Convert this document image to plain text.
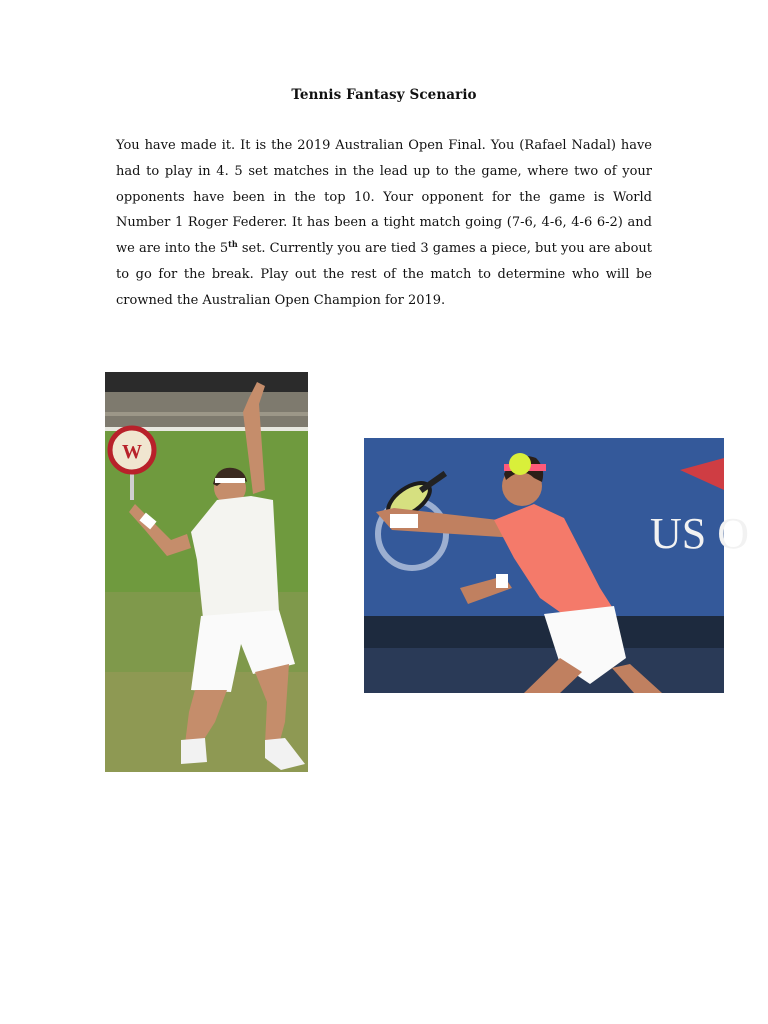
Tennis Fantasy Scenario
You have made it. It is the 2019 Australian Open Final. You (Rafael Nadal) have had to play in 4. 5 set matches in the lead up to the game, where two of your opponents have been in the top 10. Your opponent for the game is World Number 1 Roger Federer. It has been a tight match going (7-6, 4-6, 4-6 6-2) and we are into the 5th set. Currently you are tied 3 games a piece, but you are about to go for the break. Play out the rest of the match to determine who will be crowned the Australian Open Champion for 2019.
W
US O
